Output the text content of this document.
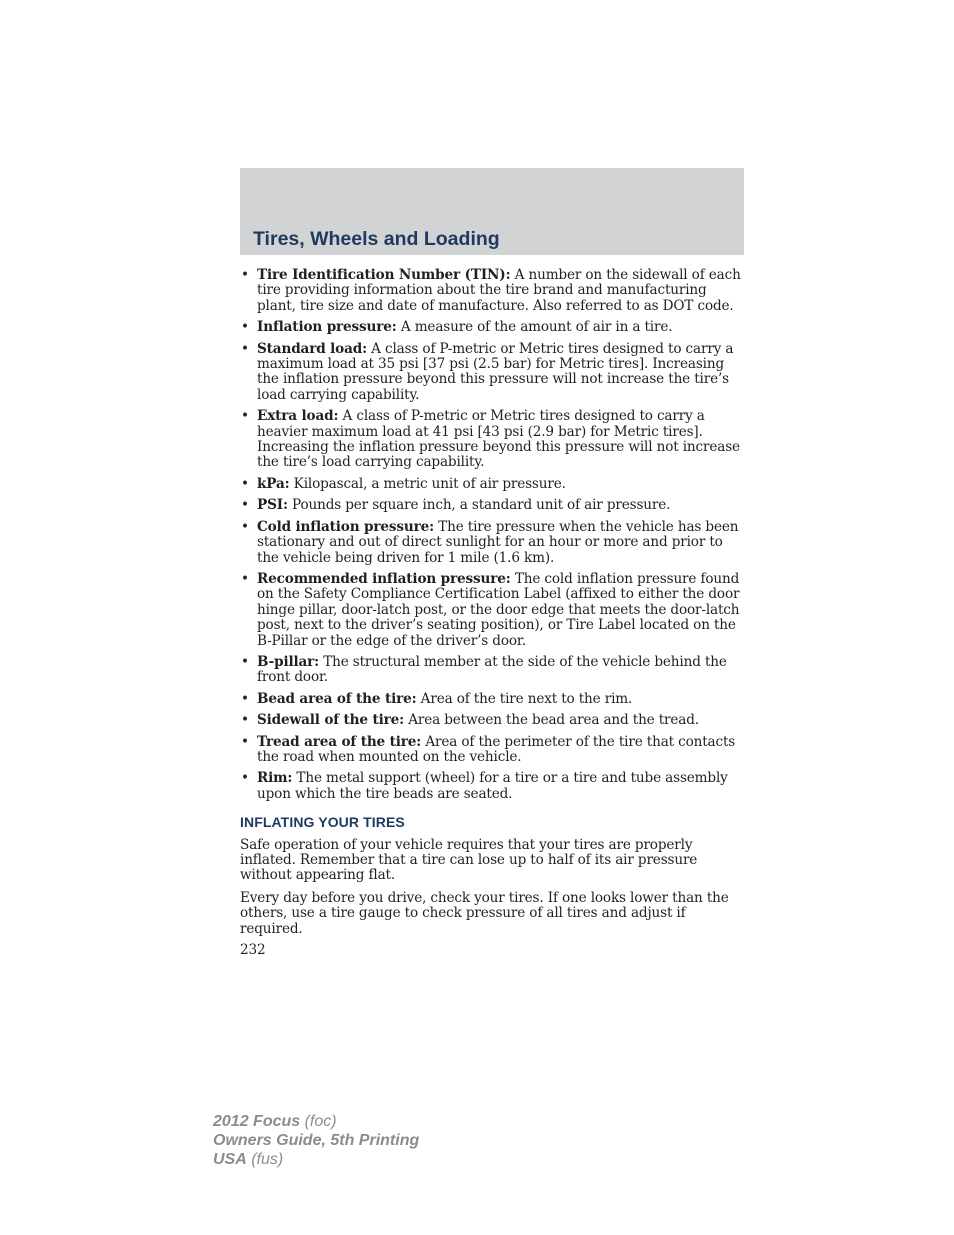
Tires, Wheels and Loading
• Tire Identification Number (TIN): A number on the sidewall of each tire providing information about the tire brand and manufacturing plant, tire size and date of manufacture. Also referred to as DOT code.
• Inflation pressure: A measure of the amount of air in a tire.
• Standard load: A class of P-metric or Metric tires designed to carry a maximum load at 35 psi [37 psi (2.5 bar) for Metric tires]. Increasing the inflation pressure beyond this pressure will not increase the tire’s load carrying capability.
• Extra load: A class of P-metric or Metric tires designed to carry a heavier maximum load at 41 psi [43 psi (2.9 bar) for Metric tires]. Increasing the inflation pressure beyond this pressure will not increase the tire’s load carrying capability.
• kPa: Kilopascal, a metric unit of air pressure.
• PSI: Pounds per square inch, a standard unit of air pressure.
• Cold inflation pressure: The tire pressure when the vehicle has been stationary and out of direct sunlight for an hour or more and prior to the vehicle being driven for 1 mile (1.6 km).
• Recommended inflation pressure: The cold inflation pressure found on the Safety Compliance Certification Label (affixed to either the door hinge pillar, door-latch post, or the door edge that meets the door-latch post, next to the driver’s seating position), or Tire Label located on the B-Pillar or the edge of the driver’s door.
• B-pillar: The structural member at the side of the vehicle behind the front door.
• Bead area of the tire: Area of the tire next to the rim.
• Sidewall of the tire: Area between the bead area and the tread.
• Tread area of the tire: Area of the perimeter of the tire that contacts the road when mounted on the vehicle.
• Rim: The metal support (wheel) for a tire or a tire and tube assembly upon which the tire beads are seated.
INFLATING YOUR TIRES

Safe operation of your vehicle requires that your tires are properly inflated. Remember that a tire can lose up to half of its air pressure without appearing flat.

Every day before you drive, check your tires. If one looks lower than the others, use a tire gauge to check pressure of all tires and adjust if required.

232
2012 Focus (foc)
Owners Guide, 5th Printing
USA (fus)
